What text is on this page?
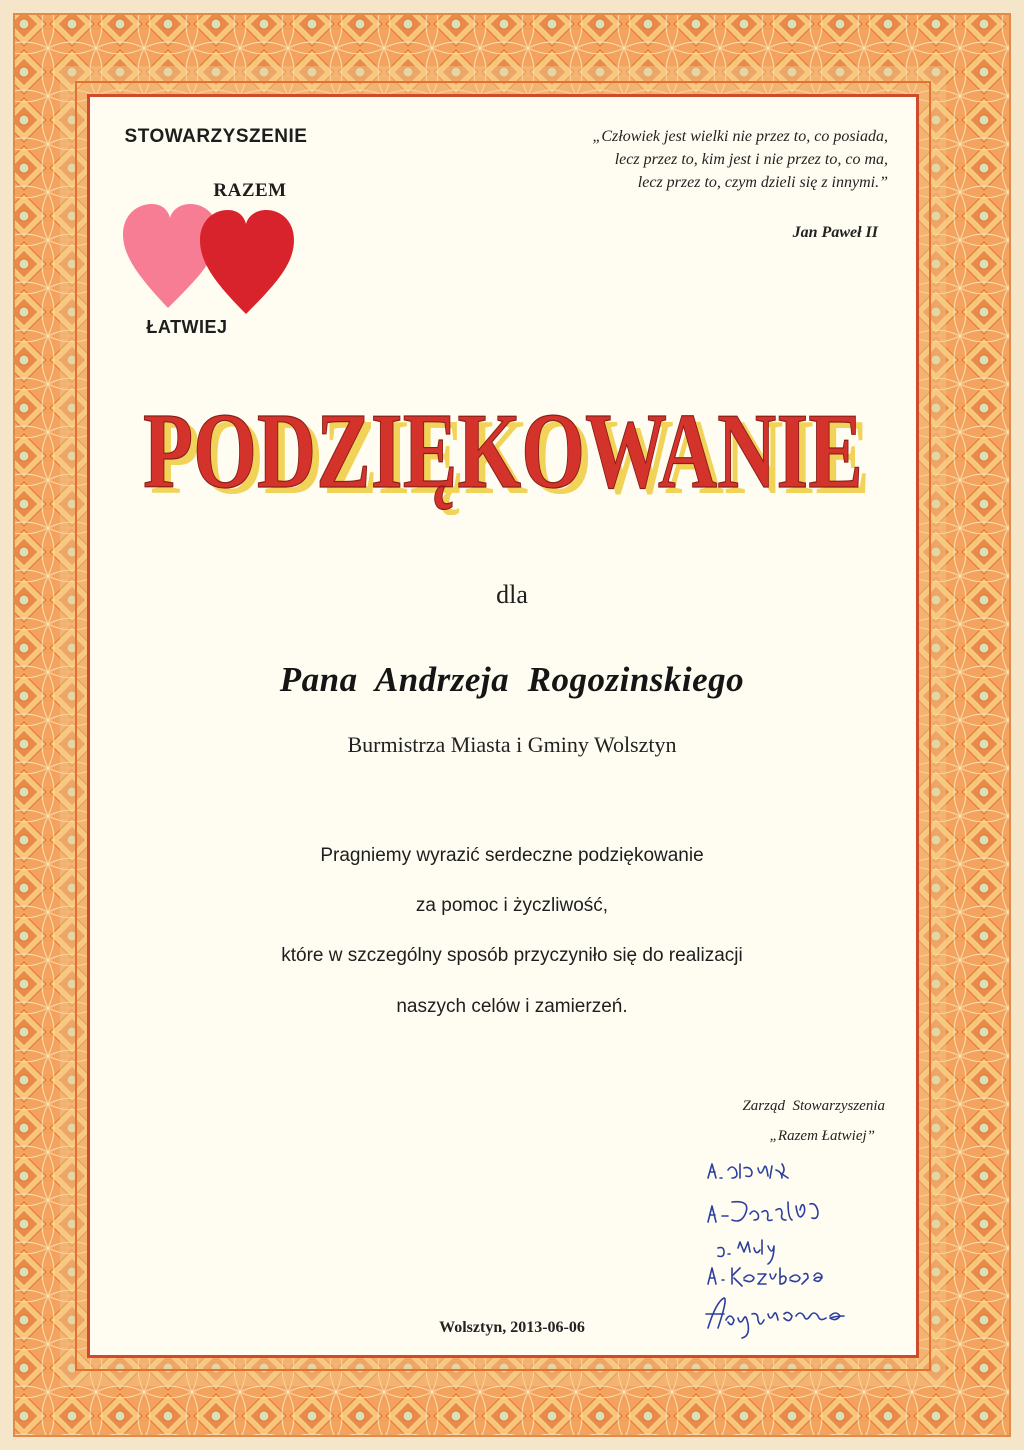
STOWARZYSZENIE
RAZEM
ŁATWIEJ
„Człowiek jest wielki nie przez to, co posiada,
lecz przez to, kim jest i nie przez to, co ma,
lecz przez to, czym dzieli się z innymi.”
Jan Paweł II
PODZIĘKOWANIE
PODZIĘKOWANIE
dla
Pana  Andrzeja  Rogozinskiego
Burmistrza Miasta i Gminy Wolsztyn
Pragniemy wyrazić serdeczne podziękowanie
za pomoc i życzliwość,
które w szczególny sposób przyczyniło się do realizacji
naszych celów i zamierzeń.
Zarząd  Stowarzyszenia
„Razem Łatwiej”
Wolsztyn, 2013-06-06
